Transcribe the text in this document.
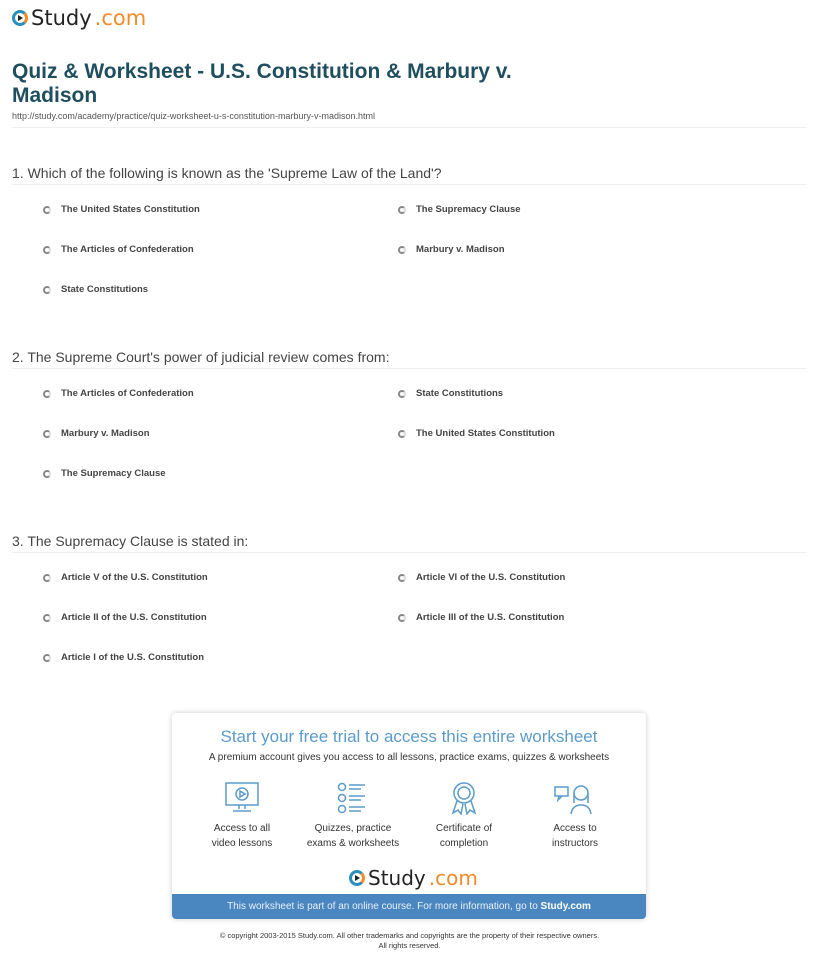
Study .com
Quiz & Worksheet - U.S. Constitution & Marbury v. Madison
http://study.com/academy/practice/quiz-worksheet-u-s-constitution-marbury-v-madison.html
1. Which of the following is known as the 'Supreme Law of the Land'?
The United States Constitution	The Supremacy Clause
The Articles of Confederation	Marbury v. Madison
State Constitutions
2. The Supreme Court's power of judicial review comes from:
The Articles of Confederation	State Constitutions
Marbury v. Madison	The United States Constitution
The Supremacy Clause
3. The Supremacy Clause is stated in:
Article V of the U.S. Constitution	Article VI of the U.S. Constitution
Article II of the U.S. Constitution	Article III of the U.S. Constitution
Article I of the U.S. Constitution
Start your free trial to access this entire worksheet
A premium account gives you access to all lessons, practice exams, quizzes & worksheets
Access to all
video lessons
Quizzes, practice
exams & worksheets
Certificate of
completion
Access to
instructors
Study .com
This worksheet is part of an online course. For more information, go to Study.com
© copyright 2003-2015 Study.com. All other trademarks and copyrights are the property of their respective owners.
All rights reserved.
